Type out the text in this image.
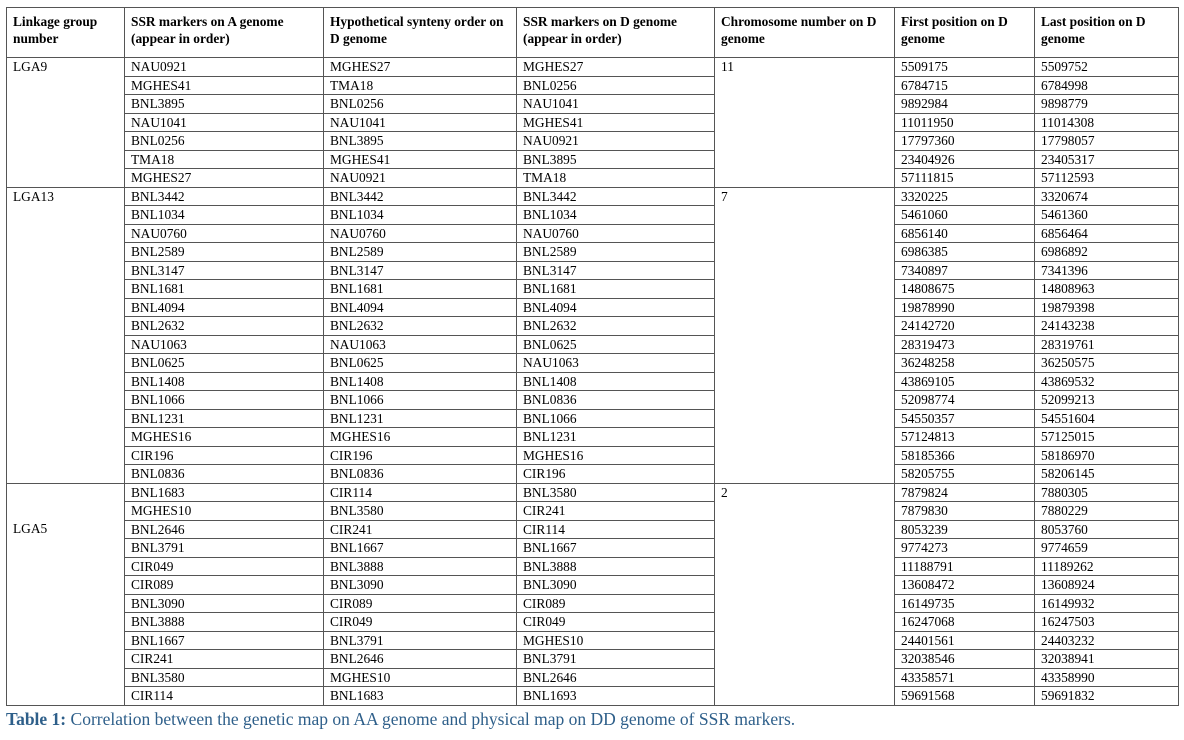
Linkage group number	SSR markers on A genome (appear in order)	Hypothetical synteny order on D genome	SSR markers on D genome (appear in order)	Chromosome number on D genome	First position on D genome	Last position on D genome
LGA9	NAU0921	MGHES27	MGHES27	11	5509175	5509752
	MGHES41	TMA18	BNL0256		6784715	6784998
	BNL3895	BNL0256	NAU1041		9892984	9898779
	NAU1041	NAU1041	MGHES41		11011950	11014308
	BNL0256	BNL3895	NAU0921		17797360	17798057
	TMA18	MGHES41	BNL3895		23404926	23405317
	MGHES27	NAU0921	TMA18		57111815	57112593
LGA13	BNL3442	BNL3442	BNL3442	7	3320225	3320674
	BNL1034	BNL1034	BNL1034		5461060	5461360
	NAU0760	NAU0760	NAU0760		6856140	6856464
	BNL2589	BNL2589	BNL2589		6986385	6986892
	BNL3147	BNL3147	BNL3147		7340897	7341396
	BNL1681	BNL1681	BNL1681		14808675	14808963
	BNL4094	BNL4094	BNL4094		19878990	19879398
	BNL2632	BNL2632	BNL2632		24142720	24143238
	NAU1063	NAU1063	BNL0625		28319473	28319761
	BNL0625	BNL0625	NAU1063		36248258	36250575
	BNL1408	BNL1408	BNL1408		43869105	43869532
	BNL1066	BNL1066	BNL0836		52098774	52099213
	BNL1231	BNL1231	BNL1066		54550357	54551604
	MGHES16	MGHES16	BNL1231		57124813	57125015
	CIR196	CIR196	MGHES16		58185366	58186970
	BNL0836	BNL0836	CIR196		58205755	58206145
LGA5	BNL1683	CIR114	BNL3580	2	7879824	7880305
	MGHES10	BNL3580	CIR241		7879830	7880229
	BNL2646	CIR241	CIR114		8053239	8053760
	BNL3791	BNL1667	BNL1667		9774273	9774659
	CIR049	BNL3888	BNL3888		11188791	11189262
	CIR089	BNL3090	BNL3090		13608472	13608924
	BNL3090	CIR089	CIR089		16149735	16149932
	BNL3888	CIR049	CIR049		16247068	16247503
	BNL1667	BNL3791	MGHES10		24401561	24403232
	CIR241	BNL2646	BNL3791		32038546	32038941
	BNL3580	MGHES10	BNL2646		43358571	43358990
	CIR114	BNL1683	BNL1693		59691568	59691832
Table 1: Correlation between the genetic map on AA genome and physical map on DD genome of SSR markers.
